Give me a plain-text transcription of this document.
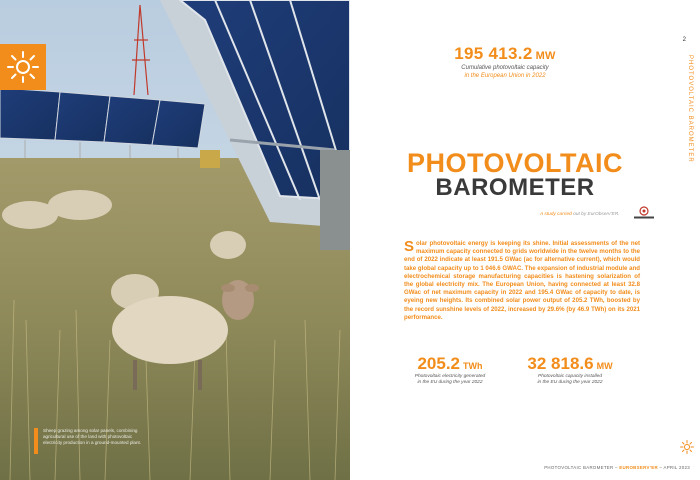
Sheep grazing among solar panels, combining agricultural use of the land with photovoltaic electricity production in a ground-mounted plant.
2
PHOTOVOLTAIC BAROMETER
195 413.2 MW
Cumulative photovoltaic capacity
in the European Union in 2022
PHOTOVOLTAIC
BAROMETER
A study carried out by EurObserv’ER.
Solar photovoltaic energy is keeping its shine. Initial assessments of the net maximum capacity connected to grids worldwide in the twelve months to the end of 2022 indicate at least 191.5 GWac (ac for alternative current), which would take global capacity up to 1 046.6 GWAC. The expansion of industrial module and electrochemical storage manufacturing capacities is hastening solarization of the global electricity mix. The European Union, having connected at least 32.8 GWac of net maximum capacity in 2022 and 195.4 GWac of capacity to date, is eyeing new heights. Its combined solar power output of 205.2 TWh, boosted by the record sunshine levels of 2022, increased by 29.6% (by 46.9 TWh) on its 2021 performance.
205.2 TWh
Photovoltaic electricity generated
in the EU during the year 2022
32 818.6 MW
Photovoltaic capacity installed
in the EU during the year 2022
PHOTOVOLTAIC BAROMETER – EUROBSERV’ER – APRIL 2023
